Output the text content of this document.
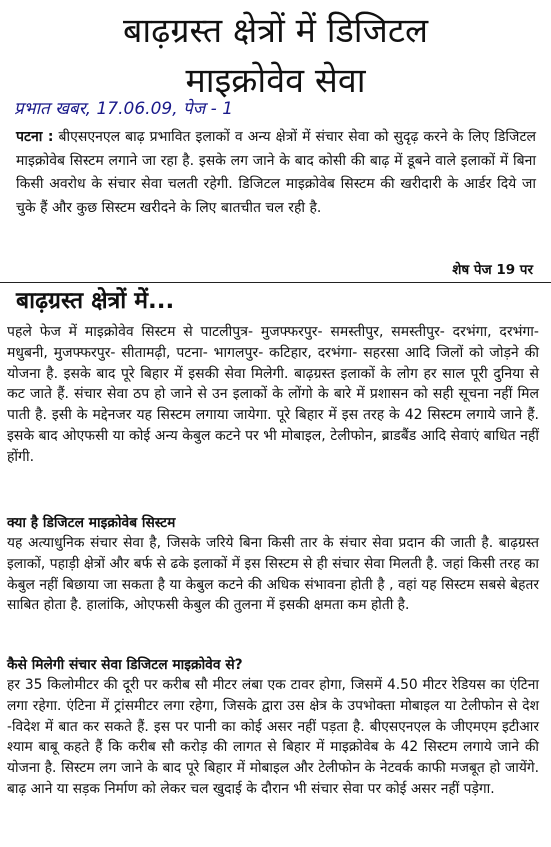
बाढ़ग्रस्त क्षेत्रों में डिजिटल
माइक्रोवेव सेवा
प्रभात खबर, 17.06.09, पेज - 1

पटना : बीएसएनएल बाढ़ प्रभावित इलाकों व अन्य क्षेत्रों में संचार सेवा को सुदृढ़ करने के लिए डिजिटल माइक्रोवेब सिस्टम लगाने जा रहा है. इसके लग जाने के बाद कोसी की बाढ़ में डूबने वाले इलाकों में बिना किसी अवरोध के संचार सेवा चलती रहेगी. डिजिटल माइक्रोवेब सिस्टम की खरीदारी के आर्डर दिये जा चुके हैं और कुछ सिस्टम खरीदने के लिए बातचीत चल रही है.

शेष पेज 19 पर
बाढ़ग्रस्त क्षेत्रों में...

पहले फेज में माइक्रोवेव सिस्टम से पाटलीपुत्र- मुजफ्फरपुर- समस्तीपुर, समस्तीपुर- दरभंगा, दरभंगा- मधुबनी, मुजफ्फरपुर- सीतामढ़ी, पटना- भागलपुर- कटिहार, दरभंगा- सहरसा आदि जिलों को जोड़ने की योजना है. इसके बाद पूरे बिहार में इसकी सेवा मिलेगी. बाढ़ग्रस्त इलाकों के लोग हर साल पूरी दुनिया से कट जाते हैं. संचार सेवा ठप हो जाने से उन इलाकों के लोंगो के बारे में प्रशासन को सही सूचना नहीं मिल पाती है. इसी के मद्देनजर यह सिस्टम लगाया जायेगा. पूरे बिहार में इस तरह के 42 सिस्टम लगाये जाने हैं. इसके बाद ओएफसी या कोई अन्य केबुल कटने पर भी मोबाइल, टेलीफोन, ब्राडबैंड आदि सेवाएं बाधित नहीं होंगी.

क्या है डिजिटल माइक्रोवेब सिस्टम

यह अत्याधुनिक संचार सेवा है, जिसके जरिये बिना किसी तार के संचार सेवा प्रदान की जाती है. बाढ़ग्रस्त इलाकों, पहाड़ी क्षेत्रों और बर्फ से ढके इलाकों में इस सिस्टम से ही संचार सेवा मिलती है. जहां किसी तरह का केबुल नहीं बिछाया जा सकता है या केबुल कटने की अधिक संभावना होती है , वहां यह सिस्टम सबसे बेहतर साबित होता है. हालांकि, ओएफसी केबुल की तुलना में इसकी क्षमता कम होती है.

कैसे मिलेगी संचार सेवा डिजिटल माइक्रोवेव से?

हर 35 किलोमीटर की दूरी पर करीब सौ मीटर लंबा एक टावर होगा, जिसमें 4.50 मीटर रेडियस का एंटिना लगा रहेगा. एंटिना में ट्रांसमीटर लगा रहेगा, जिसके द्वारा उस क्षेत्र के उपभोक्ता मोबाइल या टेलीफोन से देश -विदेश में बात कर सकते हैं. इस पर पानी का कोई असर नहीं पड़ता है. बीएसएनएल के जीएमएम इटीआर श्याम बाबू कहते हैं कि करीब सौ करोड़ की लागत से बिहार में माइक्रोवेब के 42 सिस्टम लगाये जाने की योजना है. सिस्टम लग जाने के बाद पूरे बिहार में मोबाइल और टेलीफोन के नेटवर्क काफी मजबूत हो जायेंगे. बाढ़ आने या सड़क निर्माण को लेकर चल खुदाई के दौरान भी संचार सेवा पर कोई असर नहीं पड़ेगा.
